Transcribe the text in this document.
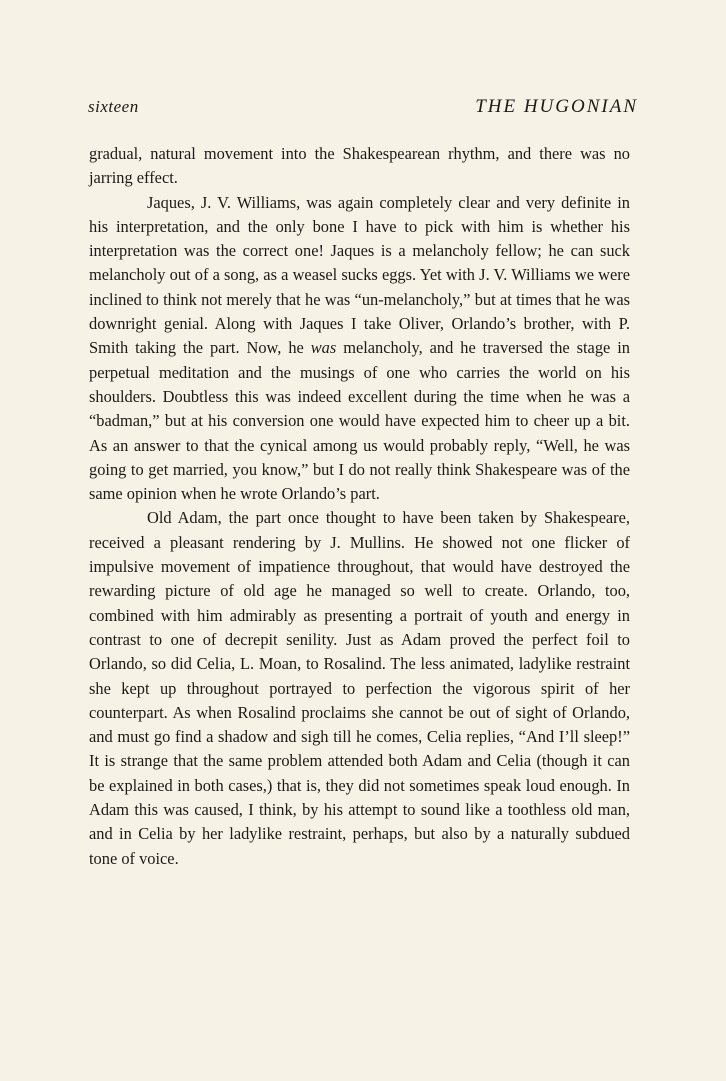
sixteen	THE HUGONIAN

gradual, natural movement into the Shakespearean rhythm, and there was no jarring effect.

Jaques, J. V. Williams, was again completely clear and very definite in his interpretation, and the only bone I have to pick with him is whether his interpretation was the correct one! Jaques is a melancholy fellow; he can suck melancholy out of a song, as a weasel sucks eggs. Yet with J. V. Williams we were inclined to think not merely that he was “un-melancholy,” but at times that he was downright genial. Along with Jaques I take Oliver, Orlando’s brother, with P. Smith taking the part. Now, he was melancholy, and he traversed the stage in perpetual meditation and the musings of one who carries the world on his shoulders. Doubtless this was indeed excellent during the time when he was a “badman,” but at his conversion one would have expected him to cheer up a bit. As an answer to that the cynical among us would probably reply, “Well, he was going to get married, you know,” but I do not really think Shakespeare was of the same opinion when he wrote Orlando’s part.

Old Adam, the part once thought to have been taken by Shakespeare, received a pleasant rendering by J. Mullins. He showed not one flicker of impulsive movement of impatience throughout, that would have destroyed the rewarding picture of old age he managed so well to create. Orlando, too, combined with him admirably as presenting a portrait of youth and energy in contrast to one of decrepit senility. Just as Adam proved the perfect foil to Orlando, so did Celia, L. Moan, to Rosalind. The less animated, ladylike restraint she kept up throughout portrayed to perfection the vigorous spirit of her counterpart. As when Rosalind proclaims she cannot be out of sight of Orlando, and must go find a shadow and sigh till he comes, Celia replies, “And I’ll sleep!” It is strange that the same problem attended both Adam and Celia (though it can be explained in both cases,) that is, they did not sometimes speak loud enough. In Adam this was caused, I think, by his attempt to sound like a toothless old man, and in Celia by her ladylike restraint, perhaps, but also by a naturally subdued tone of voice.
